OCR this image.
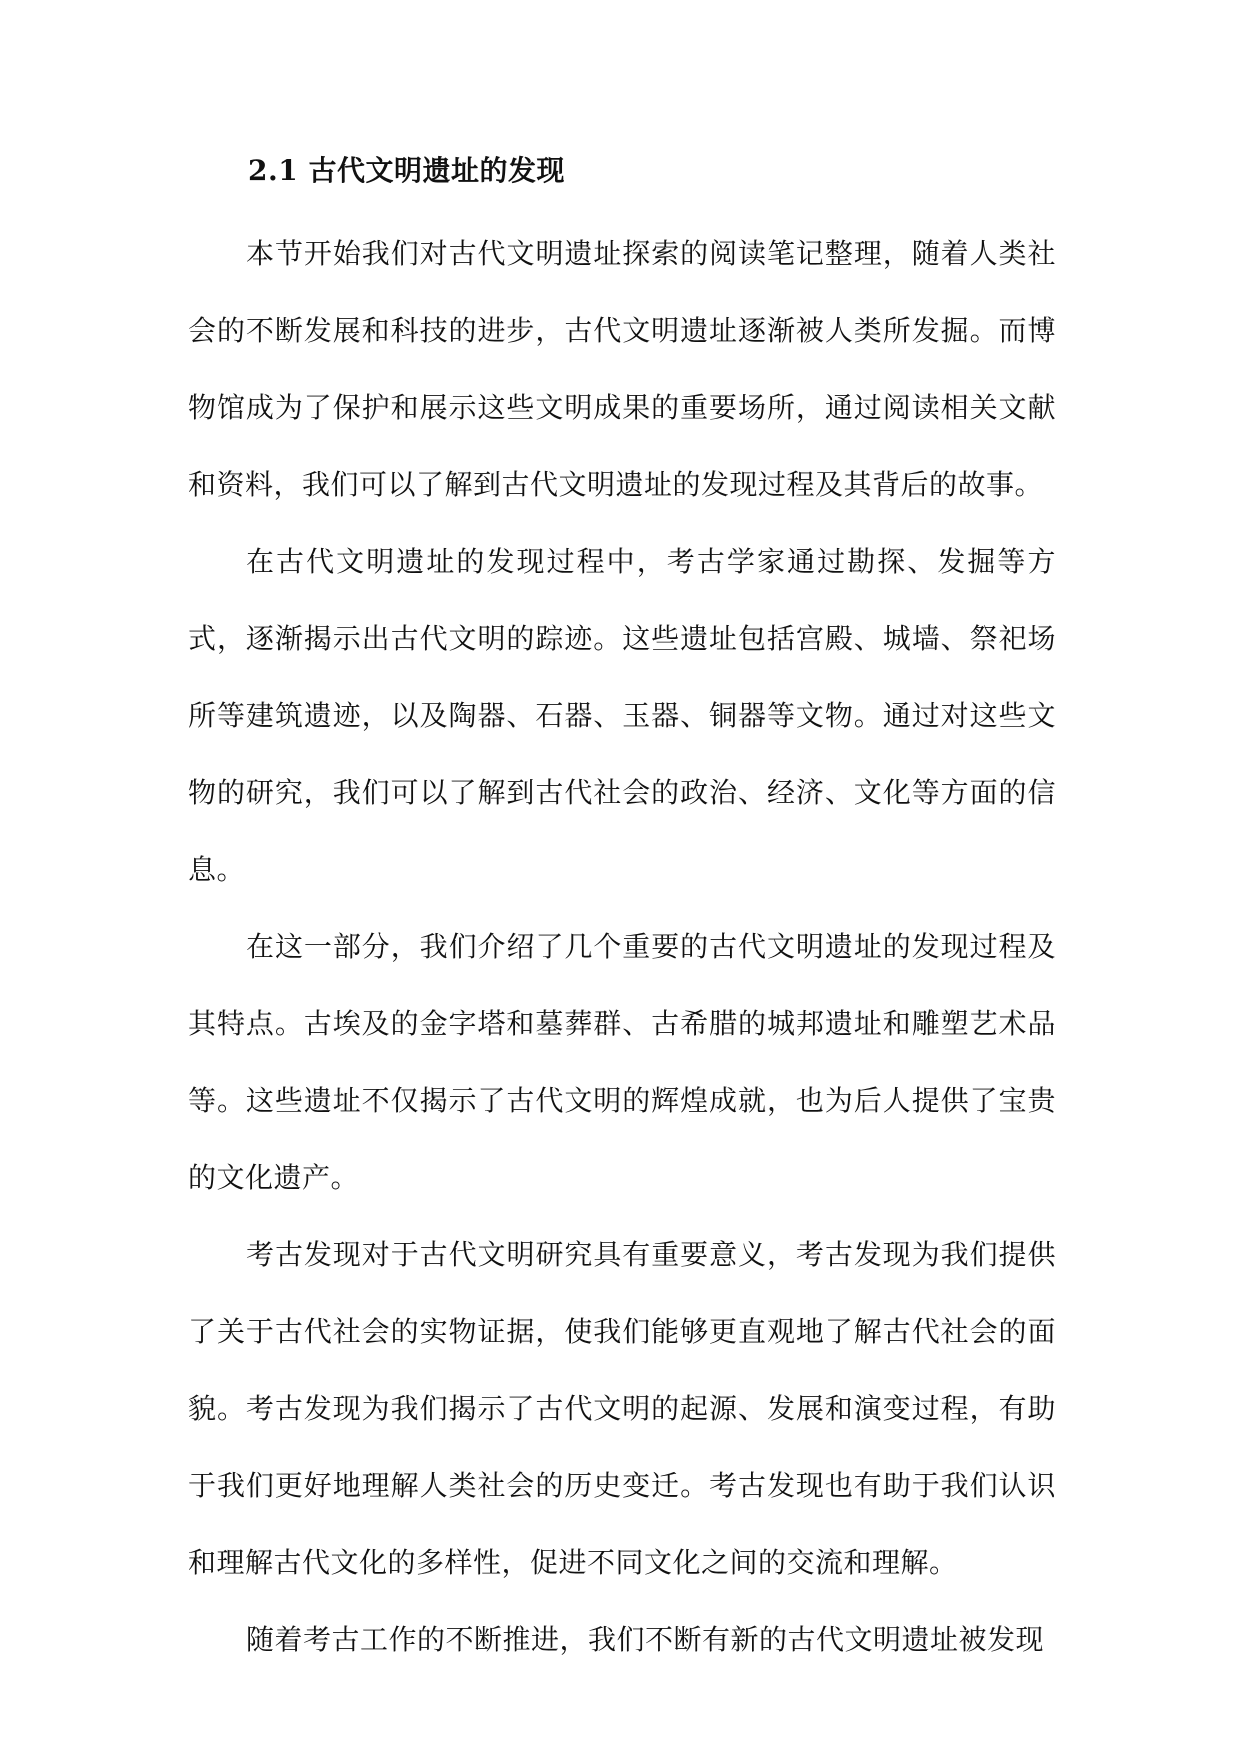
2.1 古代文明遗址的发现

本节开始我们对古代文明遗址探索的阅读笔记整理，随着人类社会的不断发展和科技的进步，古代文明遗址逐渐被人类所发掘。而博物馆成为了保护和展示这些文明成果的重要场所，通过阅读相关文献和资料，我们可以了解到古代文明遗址的发现过程及其背后的故事。

在古代文明遗址的发现过程中，考古学家通过勘探、发掘等方式，逐渐揭示出古代文明的踪迹。这些遗址包括宫殿、城墙、祭祀场所等建筑遗迹，以及陶器、石器、玉器、铜器等文物。通过对这些文物的研究，我们可以了解到古代社会的政治、经济、文化等方面的信息。

在这一部分，我们介绍了几个重要的古代文明遗址的发现过程及其特点。古埃及的金字塔和墓葬群、古希腊的城邦遗址和雕塑艺术品等。这些遗址不仅揭示了古代文明的辉煌成就，也为后人提供了宝贵的文化遗产。

考古发现对于古代文明研究具有重要意义，考古发现为我们提供了关于古代社会的实物证据，使我们能够更直观地了解古代社会的面貌。考古发现为我们揭示了古代文明的起源、发展和演变过程，有助于我们更好地理解人类社会的历史变迁。考古发现也有助于我们认识和理解古代文化的多样性，促进不同文化之间的交流和理解。

随着考古工作的不断推进，我们不断有新的古代文明遗址被发现
